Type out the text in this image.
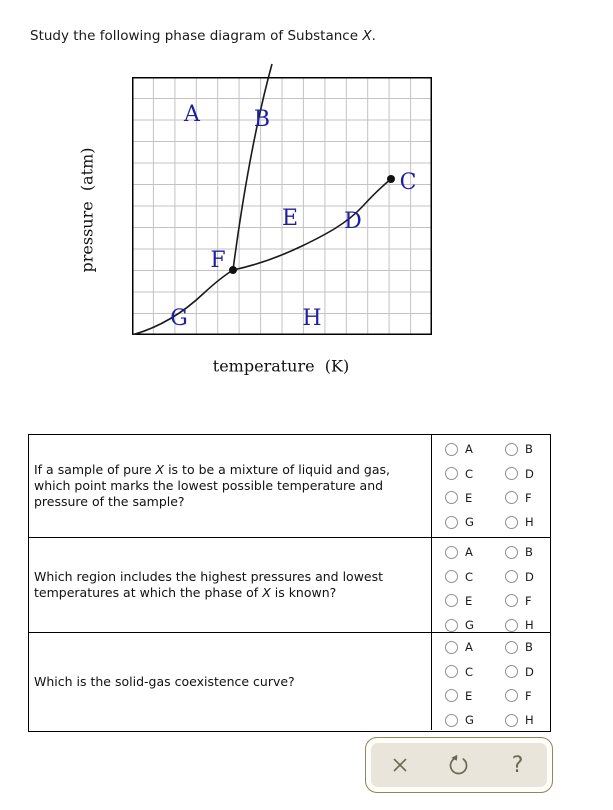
Study the following phase diagram of Substance X.
A B
C
D
E
F
G	H
pressure  (atm)
temperature  (K)
If a sample of pure X is to be a mixture of liquid and gas, which point marks the lowest possible temperature and pressure of the sample?
A	B
C	D
E	F
G	H
Which region includes the highest pressures and lowest temperatures at which the phase of X is known?
A	B
C	D
E	F
G	H
Which is the solid-gas coexistence curve?
A	B
C	D
E	F
G	H
?
